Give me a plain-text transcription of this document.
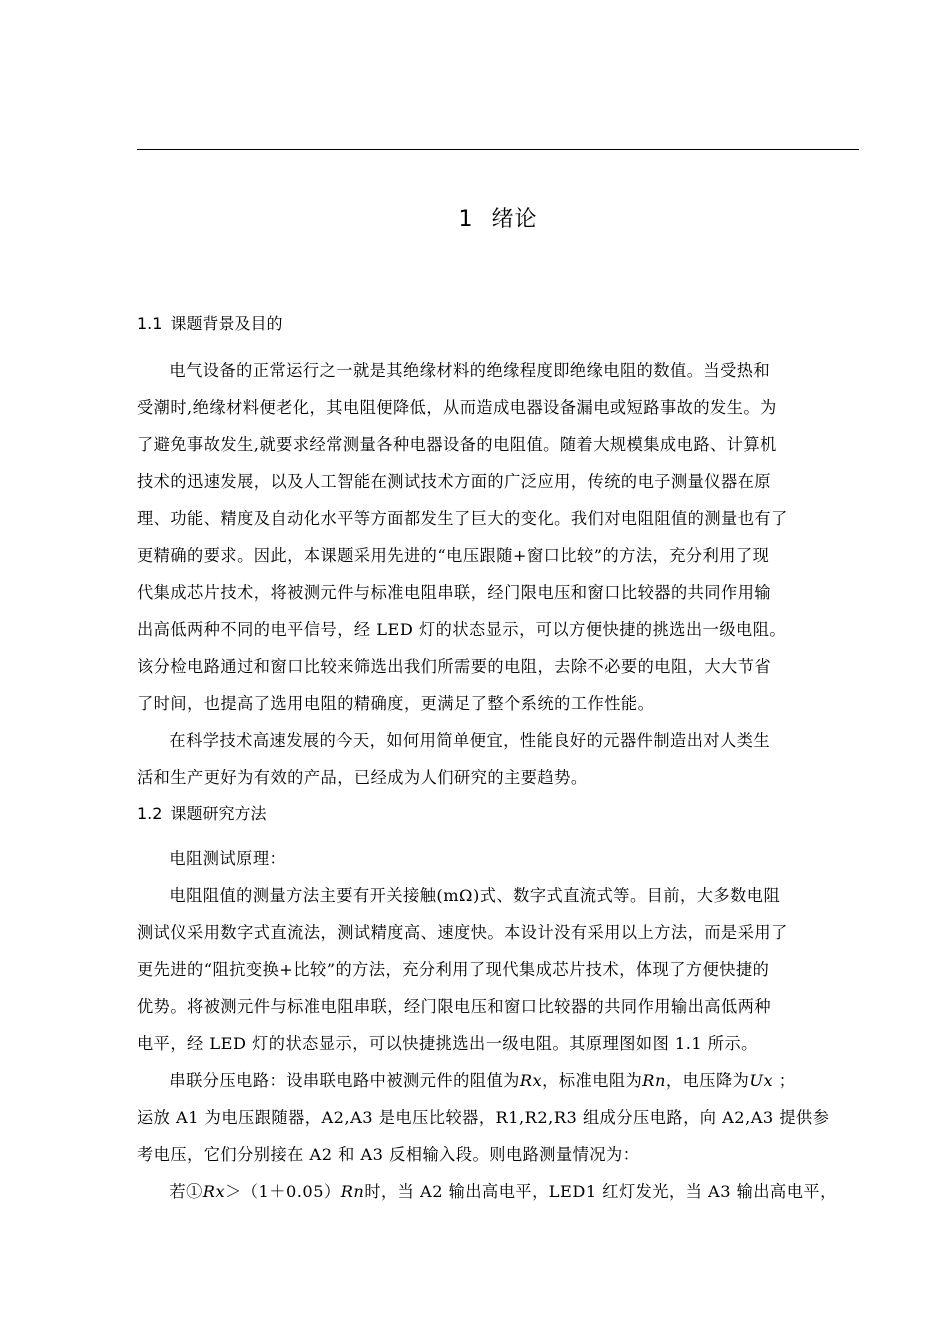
1 绪论
1.1 课题背景及目的

电气设备的正常运行之一就是其绝缘材料的绝缘程度即绝缘电阻的数值。当受热和
受潮时,绝缘材料便老化，其电阻便降低，从而造成电器设备漏电或短路事故的发生。为
了避免事故发生,就要求经常测量各种电器设备的电阻值。随着大规模集成电路、计算机
技术的迅速发展，以及人工智能在测试技术方面的广泛应用，传统的电子测量仪器在原
理、功能、精度及自动化水平等方面都发生了巨大的变化。我们对电阻阻值的测量也有了
更精确的要求。因此，本课题采用先进的“电压跟随+窗口比较”的方法，充分利用了现
代集成芯片技术，将被测元件与标准电阻串联，经门限电压和窗口比较器的共同作用输
出高低两种不同的电平信号，经 LED 灯的状态显示，可以方便快捷的挑选出一级电阻。
该分检电路通过和窗口比较来筛选出我们所需要的电阻，去除不必要的电阻，大大节省
了时间，也提高了选用电阻的精确度，更满足了整个系统的工作性能。

在科学技术高速发展的今天，如何用简单便宜，性能良好的元器件制造出对人类生
活和生产更好为有效的产品，已经成为人们研究的主要趋势。

1.2 课题研究方法

电阻测试原理：

电阻阻值的测量方法主要有开关接触(mΩ)式、数字式直流式等。目前，大多数电阻
测试仪采用数字式直流法，测试精度高、速度快。本设计没有采用以上方法，而是采用了
更先进的“阻抗变换+比较”的方法，充分利用了现代集成芯片技术，体现了方便快捷的
优势。将被测元件与标准电阻串联，经门限电压和窗口比较器的共同作用输出高低两种
电平，经 LED 灯的状态显示，可以快捷挑选出一级电阻。其原理图如图 1.1 所示。

串联分压电路：设串联电路中被测元件的阻值为Rx，标准电阻为Rn，电压降为Ux ；
运放 A1 为电压跟随器，A2,A3 是电压比较器，R1,R2,R3 组成分压电路，向 A2,A3 提供参
考电压，它们分别接在 A2 和 A3 反相输入段。则电路测量情况为：
若①Rx＞（1＋0.05）Rn时，当 A2 输出高电平，LED1 红灯发光，当 A3 输出高电平，
